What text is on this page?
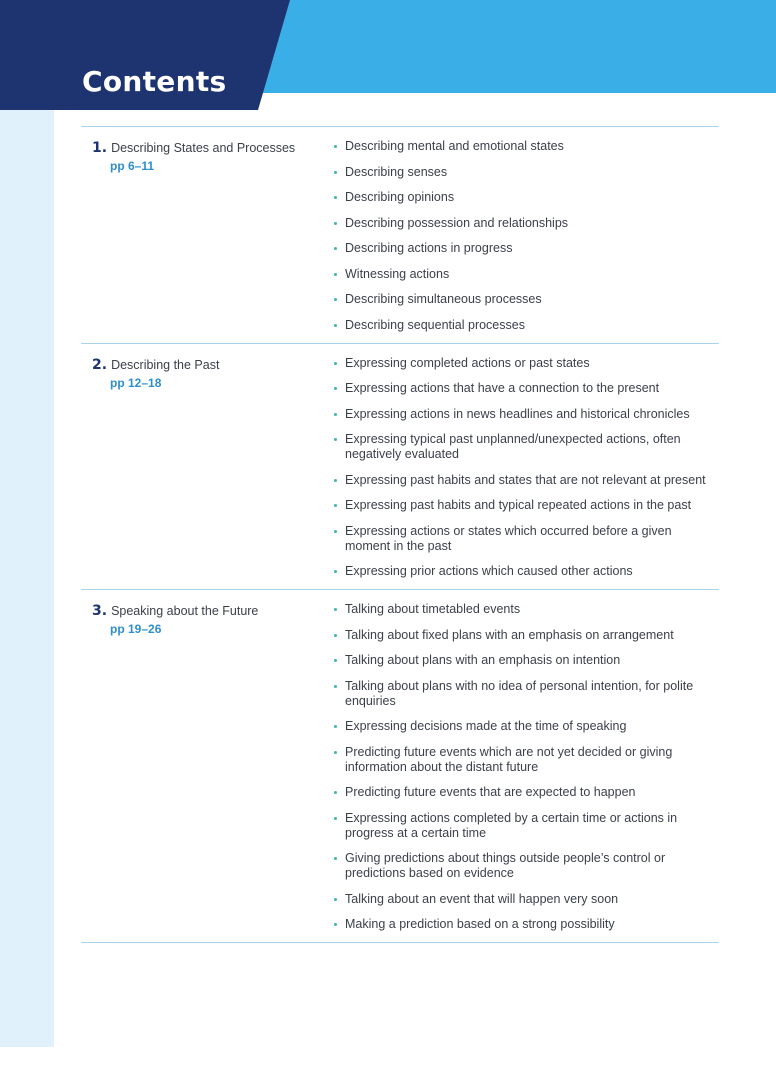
Contents
1. Describing States and Processes
pp 6–11
Describing mental and emotional states
Describing senses
Describing opinions
Describing possession and relationships
Describing actions in progress
Witnessing actions
Describing simultaneous processes
Describing sequential processes
2. Describing the Past
pp 12–18
Expressing completed actions or past states
Expressing actions that have a connection to the present
Expressing actions in news headlines and historical chronicles
Expressing typical past unplanned/unexpected actions, often negatively evaluated
Expressing past habits and states that are not relevant at present
Expressing past habits and typical repeated actions in the past
Expressing actions or states which occurred before a given moment in the past
Expressing prior actions which caused other actions
3. Speaking about the Future
pp 19–26
Talking about timetabled events
Talking about fixed plans with an emphasis on arrangement
Talking about plans with an emphasis on intention
Talking about plans with no idea of personal intention, for polite enquiries
Expressing decisions made at the time of speaking
Predicting future events which are not yet decided or giving information about the distant future
Predicting future events that are expected to happen
Expressing actions completed by a certain time or actions in progress at a certain time
Giving predictions about things outside people’s control or predictions based on evidence
Talking about an event that will happen very soon
Making a prediction based on a strong possibility
